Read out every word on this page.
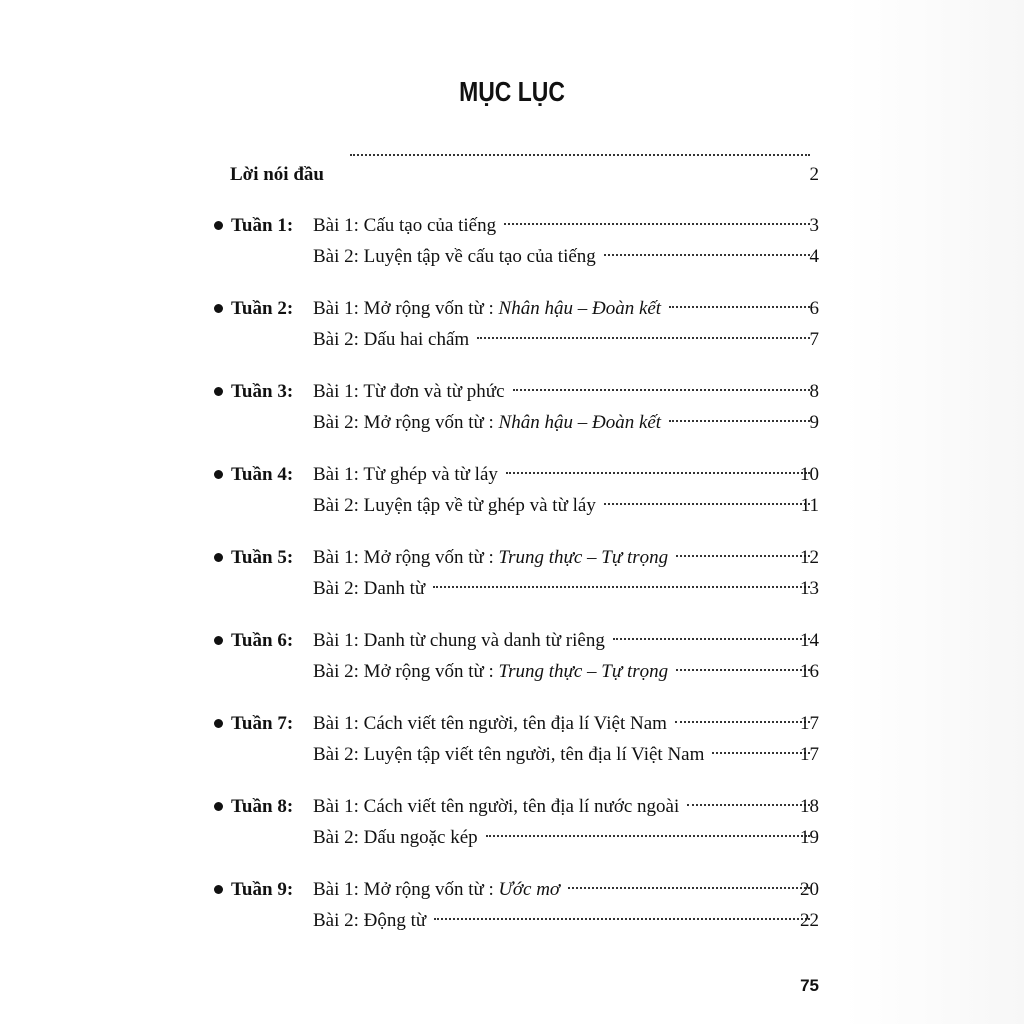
MỤC LỤC
Lời nói đầu	2
Tuần 1: Bài 1: Cấu tạo của tiếng	3
Bài 2: Luyện tập về cấu tạo của tiếng	4
Tuần 2: Bài 1: Mở rộng vốn từ : Nhân hậu – Đoàn kết	6
Bài 2: Dấu hai chấm	7
Tuần 3: Bài 1: Từ đơn và từ phức	8
Bài 2: Mở rộng vốn từ : Nhân hậu – Đoàn kết	9
Tuần 4: Bài 1: Từ ghép và từ láy	10
Bài 2: Luyện tập về từ ghép và từ láy	11
Tuần 5: Bài 1: Mở rộng vốn từ : Trung thực – Tự trọng	12
Bài 2: Danh từ	13
Tuần 6: Bài 1: Danh từ chung và danh từ riêng	14
Bài 2: Mở rộng vốn từ : Trung thực – Tự trọng	16
Tuần 7: Bài 1: Cách viết tên người, tên địa lí Việt Nam	17
Bài 2: Luyện tập viết tên người, tên địa lí Việt Nam	17
Tuần 8: Bài 1: Cách viết tên người, tên địa lí nước ngoài	18
Bài 2: Dấu ngoặc kép	19
Tuần 9: Bài 1: Mở rộng vốn từ : Ước mơ	20
Bài 2: Động từ	22
75
